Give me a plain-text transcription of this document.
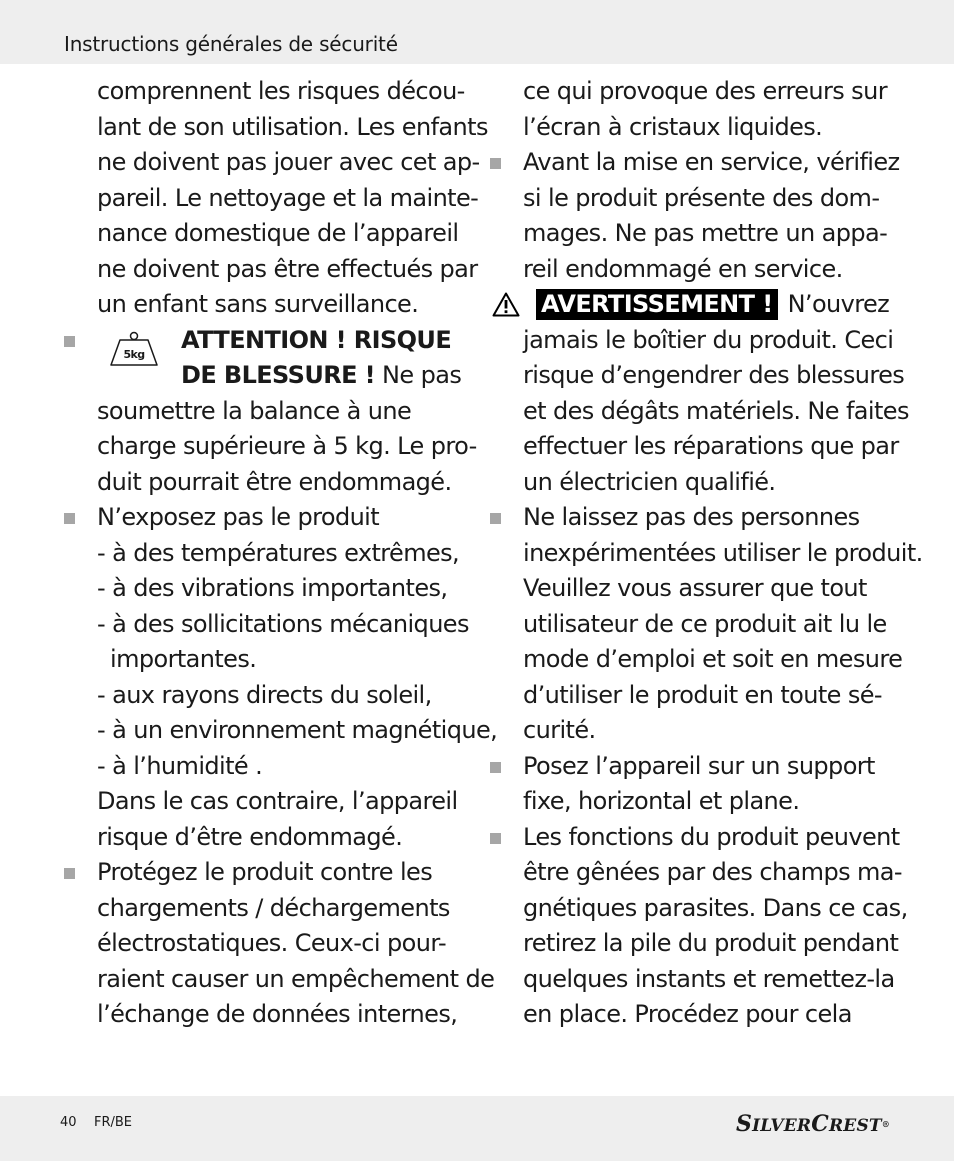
Instructions générales de sécurité
comprennent les risques décou-
lant de son utilisation. Les enfants
ne doivent pas jouer avec cet ap-
pareil. Le nettoyage et la mainte-
nance domestique de l’appareil
ne doivent pas être effectués par
un enfant sans surveillance.
5kg
ATTENTION ! RISQUE
DE BLESSURE ! Ne pas
soumettre la balance à une
charge supérieure à 5 kg. Le pro-
duit pourrait être endommagé.
N’exposez pas le produit
- à des températures extrêmes,
- à des vibrations importantes,
- à des sollicitations mécaniques
importantes.
- aux rayons directs du soleil,
- à un environnement magnétique,
- à l’humidité .
Dans le cas contraire, l’appareil
risque d’être endommagé.
Protégez le produit contre les
chargements / déchargements
électrostatiques. Ceux-ci pour-
raient causer un empêchement de
l’échange de données internes,
ce qui provoque des erreurs sur
l’écran à cristaux liquides.
Avant la mise en service, vérifiez
si le produit présente des dom-
mages. Ne pas mettre un appa-
reil endommagé en service.
AVERTISSEMENT ! N’ouvrez
jamais le boîtier du produit. Ceci
risque d’engendrer des blessures
et des dégâts matériels. Ne faites
effectuer les réparations que par
un électricien qualifié.
Ne laissez pas des personnes
inexpérimentées utiliser le produit.
Veuillez vous assurer que tout
utilisateur de ce produit ait lu le
mode d’emploi et soit en mesure
d’utiliser le produit en toute sé-
curité.
Posez l’appareil sur un support
fixe, horizontal et plane.
Les fonctions du produit peuvent
être gênées par des champs ma-
gnétiques parasites. Dans ce cas,
retirez la pile du produit pendant
quelques instants et remettez-la
en place. Procédez pour cela
40 FR/BE	SILVERCREST®
